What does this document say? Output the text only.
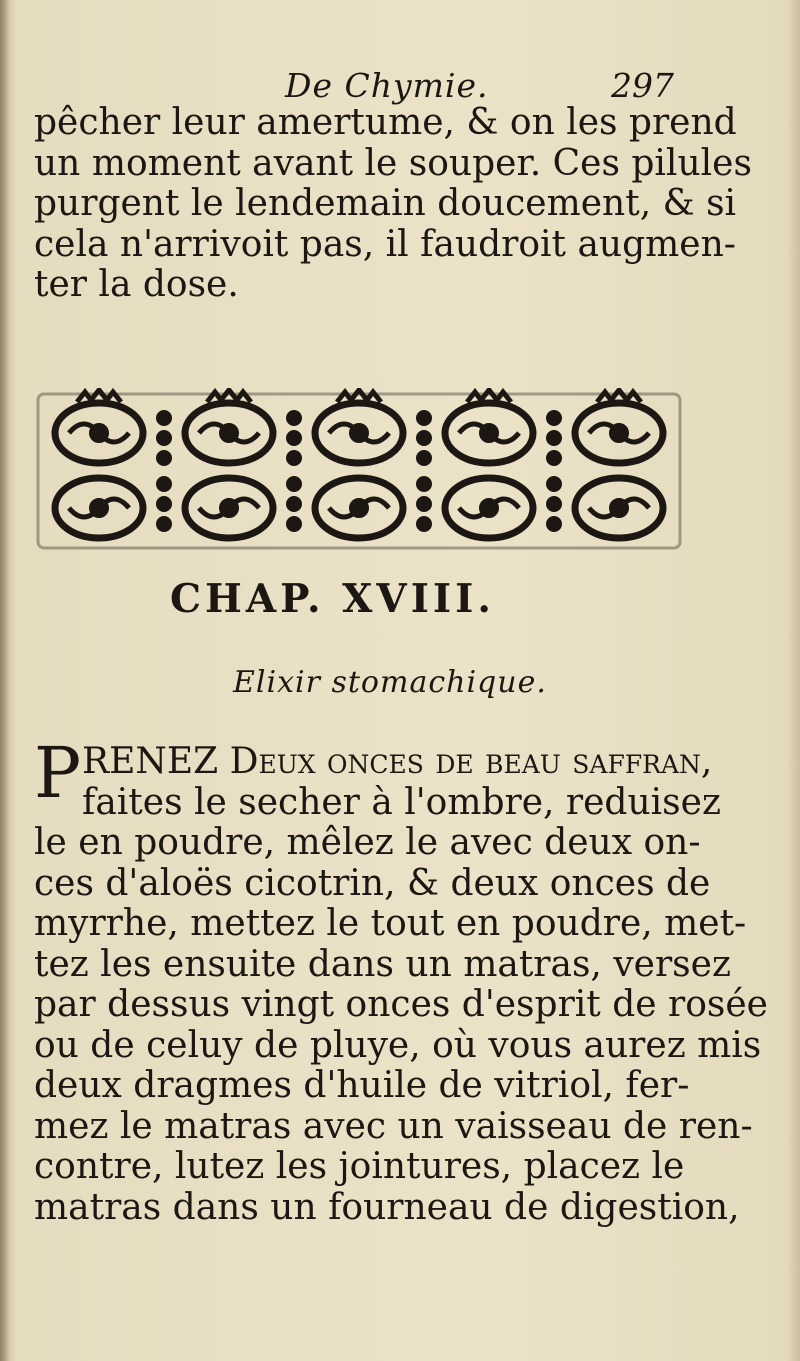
De Chymie.	297
pêcher leur amertume, & on les prend
un moment avant le souper. Ces pilules
purgent le lendemain doucement, & si
cela n'arrivoit pas, il faudroit augmen-
ter la dose.
CHAP. XVIII.
Elixir stomachique.
P RENEZ Deux onces de beau saffran,
faites le secher à l'ombre, reduisez
le en poudre, mêlez le avec deux on-
ces d'aloës cicotrin, & deux onces de
myrrhe, mettez le tout en poudre, met-
tez les ensuite dans un matras, versez
par dessus vingt onces d'esprit de rosée
ou de celuy de pluye, où vous aurez mis
deux dragmes d'huile de vitriol, fer-
mez le matras avec un vaisseau de ren-
contre, lutez les jointures, placez le
matras dans un fourneau de digestion,
